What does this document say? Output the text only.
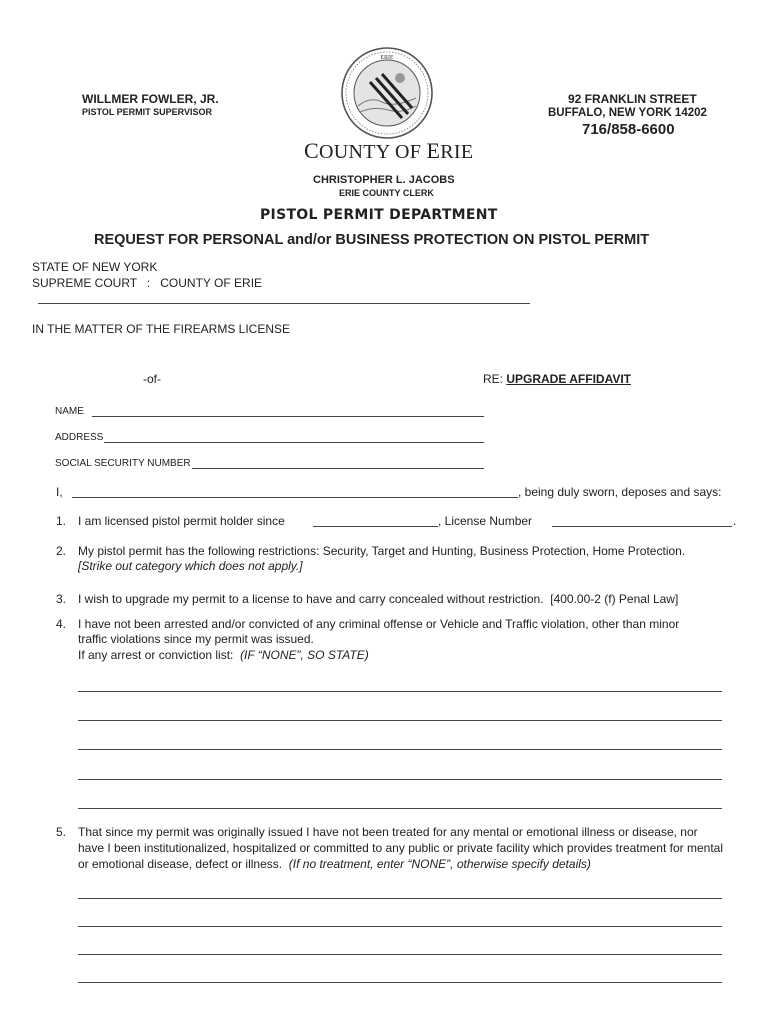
WILLMER FOWLER, JR.
PISTOL PERMIT SUPERVISOR
92 FRANKLIN STREET
BUFFALO, NEW YORK 14202
716/858-6600
ERIE
COUNTY OF ERIE
CHRISTOPHER L. JACOBS
ERIE COUNTY CLERK
PISTOL PERMIT DEPARTMENT
REQUEST FOR PERSONAL and/or BUSINESS PROTECTION ON PISTOL PERMIT
STATE OF NEW YORK
SUPREME COURT   :   COUNTY OF ERIE
IN THE MATTER OF THE FIREARMS LICENSE
-of-	RE: UPGRADE AFFIDAVIT
NAME
ADDRESS
SOCIAL SECURITY NUMBER
I,	, being duly sworn, deposes and says:
1. I am licensed pistol permit holder since	, License Number	.
2. My pistol permit has the following restrictions: Security, Target and Hunting, Business Protection, Home Protection.
[Strike out category which does not apply.]
3. I wish to upgrade my permit to a license to have and carry concealed without restriction.  [400.00-2 (f) Penal Law]
4. I have not been arrested and/or convicted of any criminal offense or Vehicle and Traffic violation, other than minor
traffic violations since my permit was issued.
If any arrest or conviction list:  (IF “NONE”, SO STATE)
5. That since my permit was originally issued I have not been treated for any mental or emotional illness or disease, nor
have I been institutionalized, hospitalized or committed to any public or private facility which provides treatment for mental
or emotional disease, defect or illness.  (If no treatment, enter “NONE”, otherwise specify details)
